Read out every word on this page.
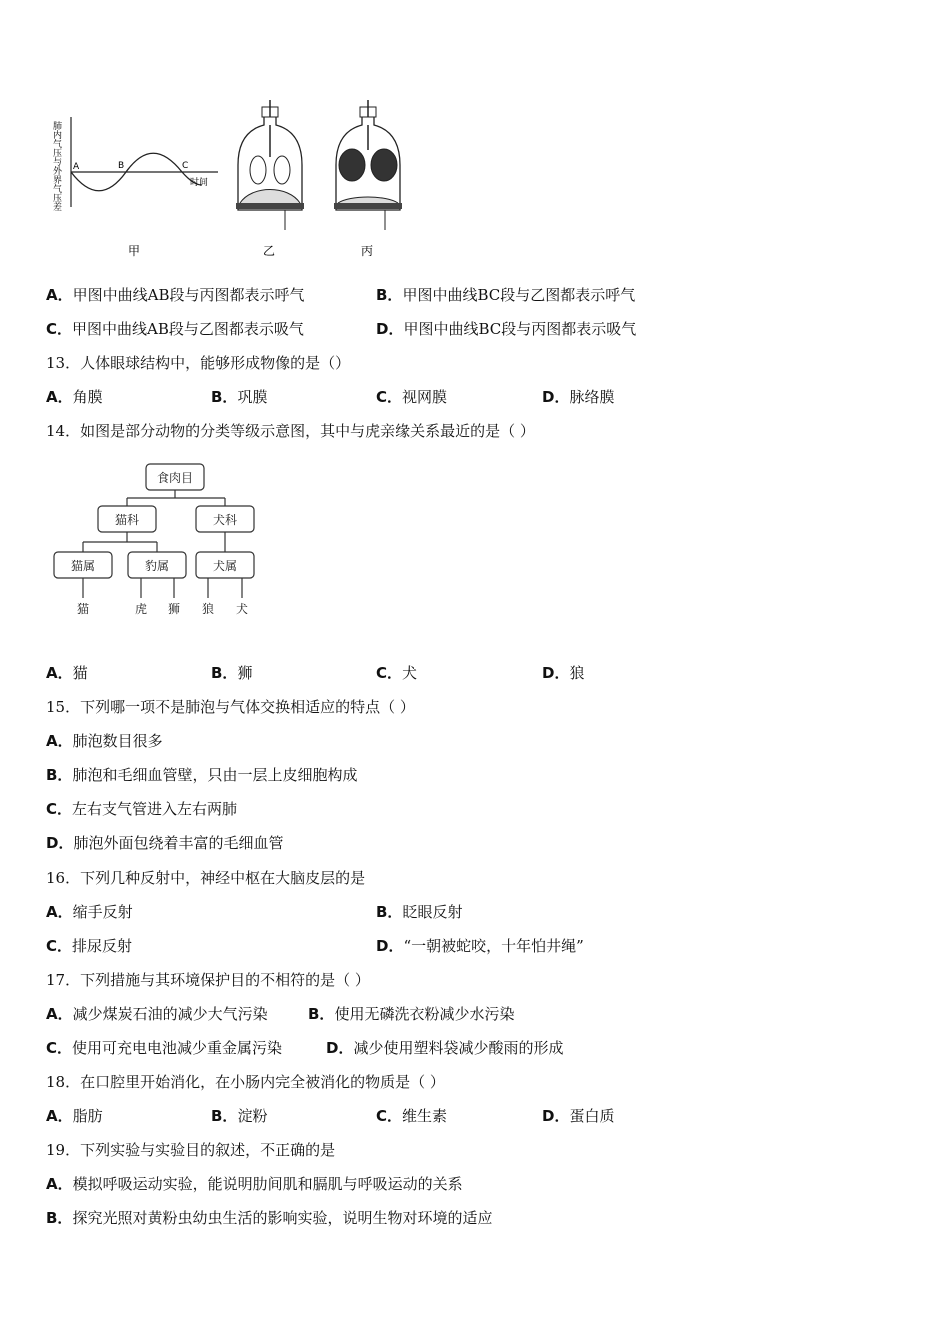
肺内气压与外界气压差 A	B	C
时间
甲	乙	丙
A．甲图中曲线AB段与丙图都表示呼气	B．甲图中曲线BC段与乙图都表示呼气
C．甲图中曲线AB段与乙图都表示吸气	D．甲图中曲线BC段与丙图都表示吸气
13．人体眼球结构中，能够形成物像的是（）
A．角膜	B．巩膜	C．视网膜	D．脉络膜
14．如图是部分动物的分类等级示意图，其中与虎亲缘关系最近的是（ ）
食肉目
猫科	犬科
猫属	豹属	犬属
猫	虎 狮 狼 犬
A．猫	B．狮	C．犬	D．狼
15．下列哪一项不是肺泡与气体交换相适应的特点（ ）
A．肺泡数目很多
B．肺泡和毛细血管壁，只由一层上皮细胞构成
C．左右支气管进入左右两肺
D．肺泡外面包绕着丰富的毛细血管
16．下列几种反射中，神经中枢在大脑皮层的是
A．缩手反射	B．眨眼反射
C．排尿反射	D．“一朝被蛇咬，十年怕井绳”
17．下列措施与其环境保护目的不相符的是（ ）
A．减少煤炭石油的减少大气污染	B．使用无磷洗衣粉减少水污染
C．使用可充电电池减少重金属污染	D．减少使用塑料袋减少酸雨的形成
18．在口腔里开始消化，在小肠内完全被消化的物质是（ ）
A．脂肪	B．淀粉	C．维生素	D．蛋白质
19．下列实验与实验目的叙述，不正确的是
A．模拟呼吸运动实验，能说明肋间肌和膈肌与呼吸运动的关系
B．探究光照对黄粉虫幼虫生活的影响实验，说明生物对环境的适应
